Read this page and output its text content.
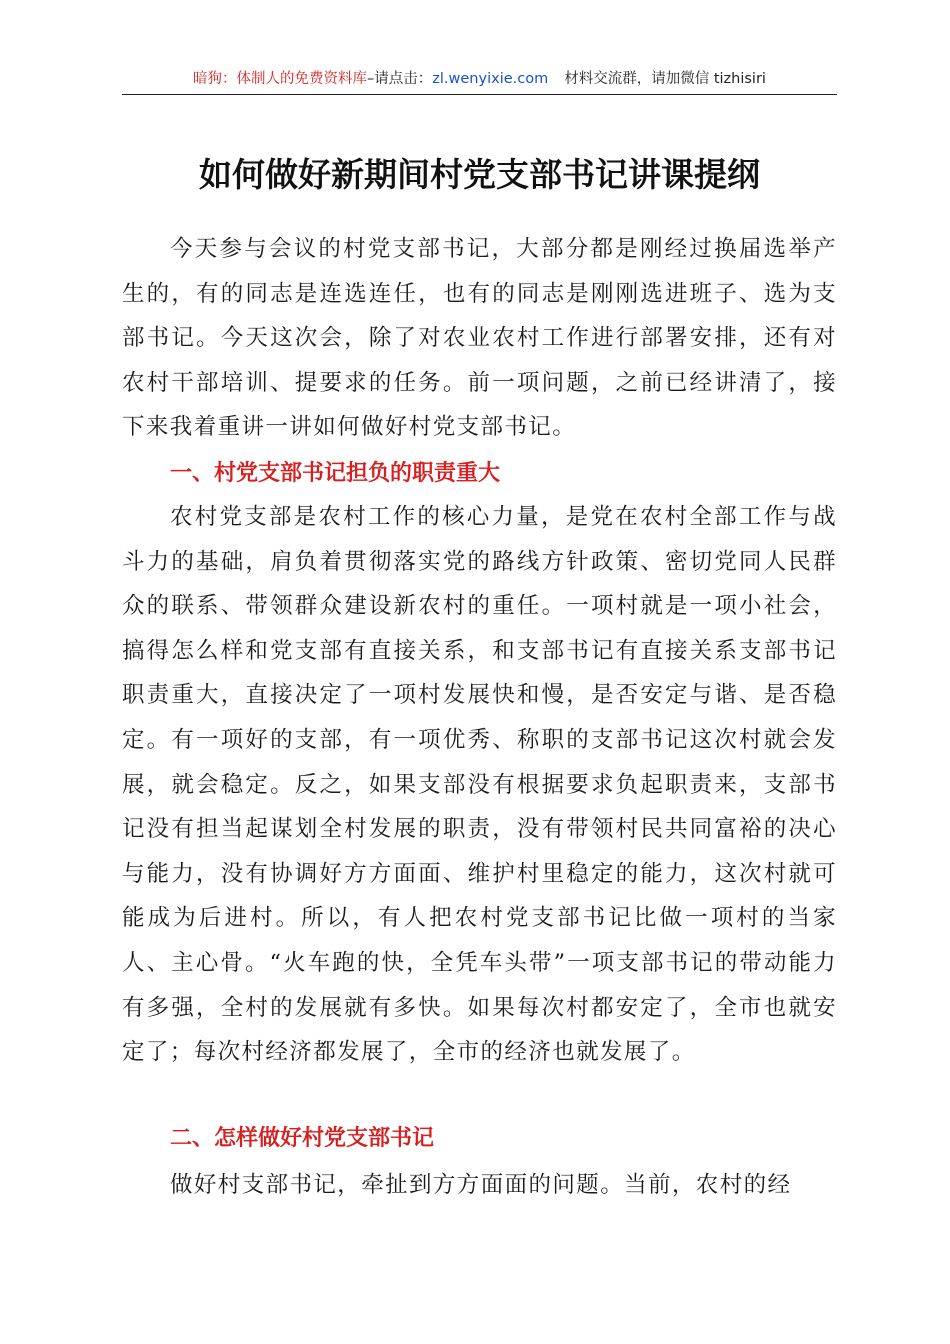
暗狗：体制人的免费资料库–请点击：zl.wenyixie.com 材料交流群，请加微信 tizhisiri
如何做好新期间村党支部书记讲课提纲

今天参与会议的村党支部书记，大部分都是刚经过换届选举产生的，有的同志是连选连任，也有的同志是刚刚选进班子、选为支部书记。今天这次会，除了对农业农村工作进行部署安排，还有对农村干部培训、提要求的任务。前一项问题，之前已经讲清了，接下来我着重讲一讲如何做好村党支部书记。

一、村党支部书记担负的职责重大

农村党支部是农村工作的核心力量，是党在农村全部工作与战斗力的基础，肩负着贯彻落实党的路线方针政策、密切党同人民群众的联系、带领群众建设新农村的重任。一项村就是一项小社会，搞得怎么样和党支部有直接关系，和支部书记有直接关系支部书记职责重大，直接决定了一项村发展快和慢，是否安定与谐、是否稳定。有一项好的支部，有一项优秀、称职的支部书记这次村就会发展，就会稳定。反之，如果支部没有根据要求负起职责来，支部书记没有担当起谋划全村发展的职责，没有带领村民共同富裕的决心与能力，没有协调好方方面面、维护村里稳定的能力，这次村就可能成为后进村。所以，有人把农村党支部书记比做一项村的当家人、主心骨。“火车跑的快，全凭车头带”一项支部书记的带动能力有多强，全村的发展就有多快。如果每次村都安定了，全市也就安定了；每次村经济都发展了，全市的经济也就发展了。

二、怎样做好村党支部书记

做好村支部书记，牵扯到方方面面的问题。当前，农村的经
